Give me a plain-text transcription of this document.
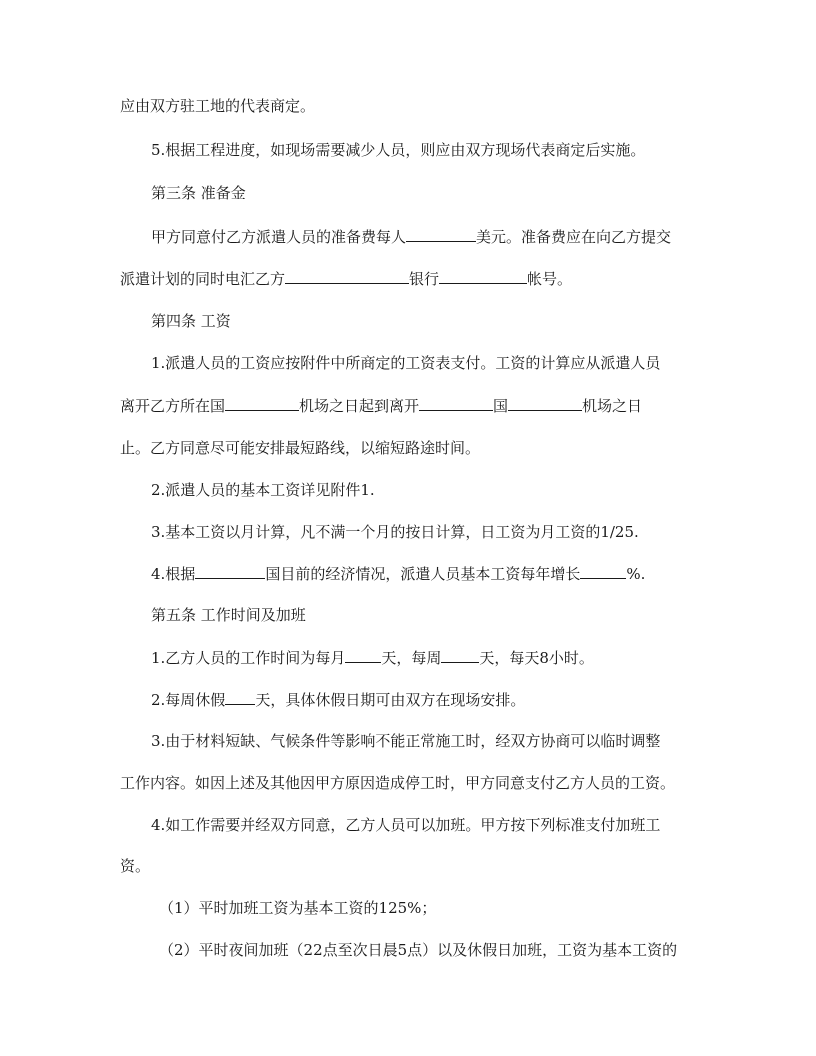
应由双方驻工地的代表商定。
5.根据工程进度，如现场需要减少人员，则应由双方现场代表商定后实施。
第三条 准备金
甲方同意付乙方派遣人员的准备费每人	美元。准备费应在向乙方提交
派遣计划的同时电汇乙方	银行	帐号。
第四条 工资
1.派遣人员的工资应按附件中所商定的工资表支付。工资的计算应从派遣人员
离开乙方所在国	机场之日起到离开	国	机场之日
止。乙方同意尽可能安排最短路线，以缩短路途时间。
2.派遣人员的基本工资详见附件1.
3.基本工资以月计算，凡不满一个月的按日计算，日工资为月工资的1/25.
4.根据	国目前的经济情况，派遣人员基本工资每年增长	%.
第五条 工作时间及加班
1.乙方人员的工作时间为每月 天，每周	天，每天8小时。
2.每周休假 天，具体休假日期可由双方在现场安排。
3.由于材料短缺、气候条件等影响不能正常施工时，经双方协商可以临时调整
工作内容。如因上述及其他因甲方原因造成停工时，甲方同意支付乙方人员的工资。
4.如工作需要并经双方同意，乙方人员可以加班。甲方按下列标准支付加班工
资。
（1）平时加班工资为基本工资的125%；
（2）平时夜间加班（22点至次日晨5点）以及休假日加班，工资为基本工资的
